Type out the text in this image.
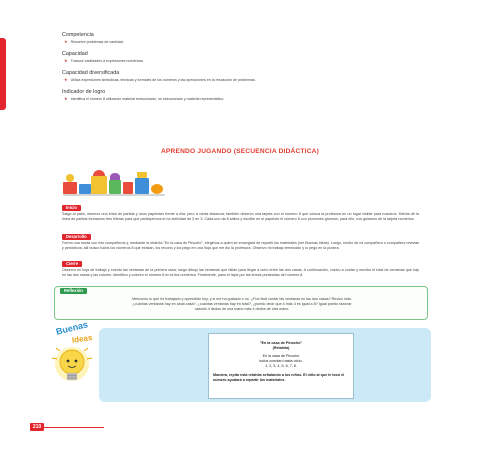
Competencia
★ Resuelve problemas de cantidad.
Capacidad
★ Traduce cantidades a expresiones numéricas.
Capacidad diversificada
★ Utiliza expresiones simbólicas, técnicas y formales de los números y las operaciones en la resolución de problemas.
Indicador de logro
★ Identifica el número 8 utilizando material estructurado, no estructurado y material representativo.
APRENDO JUGANDO (SECUENCIA DIDÁCTICA)
Inicio
Salgo al patio, observo una línea de partida y unos papelotes frente a ella; pero a cierta distancia; también observo una tarjeta con el número 8 que coloca la profesora en un lugar visible para nosotros. Detrás de la línea de partida formamos tres hileras para que participemos en la actividad de 3 en 3. Cada uno da 8 saltos y escribe en el papelote el número 8 con plumones gruesos, para ello, nos guiamos de la tarjeta numérica.
Desarrollo
Formo una ronda con mis compañeros y, mediante la retahíla "En la casa de Pinocho", elegimos a quien se encargará de repartir los materiales (ver Buenas ideas). Luego, recibo de mi compañera o compañero revistas y periódicos; allí busco todos los números 8 que existan, los recorto y los pego en una hoja que me dio la profesora. Observo mi trabajo terminado y lo pego en la pizarra.
Cierre
Observo mi hoja de trabajo y cuento las ventanas de la primera casa; luego dibujo las ventanas que faltan para llegar a ocho entre las dos casas. A continuación, vuelvo a contar y escribo el total de ventanas que hay en las dos casas y las colores. Identifico y coloreo el número 8 en la tira numérica. Finalmente, paso el lápiz por las líneas punteadas del número 8.
Reflexión
Menciono lo que he trabajado y aprendido hoy, y si me ha gustado o no. ¿Fue fácil contar las ventanas en las dos casas? Reviso más.
¿cuántas ventanas hay en cada casa?, ¿cuántas ventanas hay en total?, ¿puedo decir que 4 más 4 es igual a 8? Igual puedo razonar
usando 4 dedos de una mano más 4 dedos de otra mano.
Buenas
Ideas	"En la casa de Pinocho"
(Retahíla)
En la casa de Pinocho
todos cuentan hasta ocho.
1, 2, 3, 4, 5, 6, 7, 8.
Maestra, repita esta retahíla señalando a los niños. El niño al que le tocó el
número ayudará a repartir los materiales.
210
